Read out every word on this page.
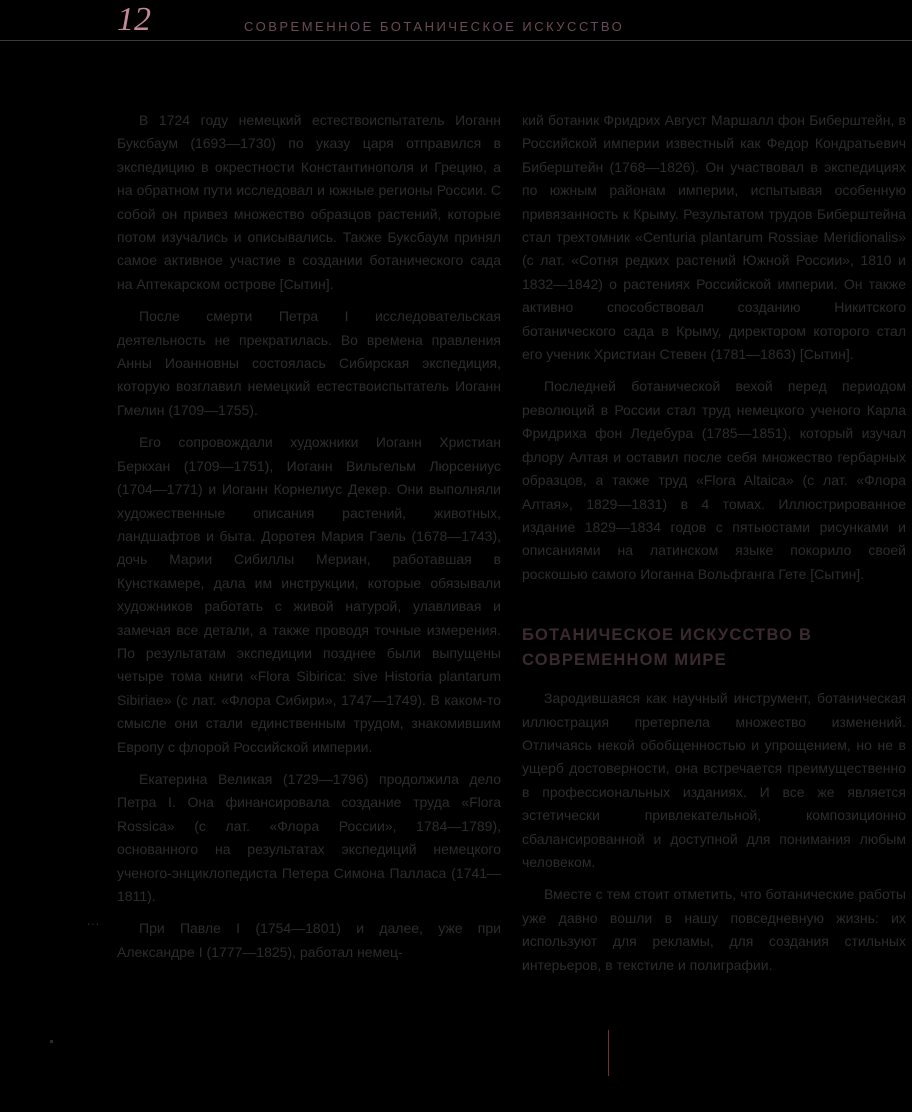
12	СОВРЕМЕННОЕ БОТАНИЧЕСКОЕ ИСКУССТВО

В 1724 году немецкий естествоиспытатель Иоганн Буксбаум (1693—1730) по указу царя отправился в экспедицию в окрестности Константинополя и Грецию, а на обратном пути исследовал и южные регионы России. С собой он привез множество образцов растений, которые потом изучались и описывались. Также Буксбаум принял самое активное участие в создании ботанического сада на Аптекарском острове [Сытин].

После смерти Петра I исследовательская деятельность не прекратилась. Во времена правления Анны Иоанновны состоялась Сибирская экспедиция, которую возглавил немецкий естествоиспытатель Иоганн Гмелин (1709—1755).

Его сопровождали художники Иоганн Христиан Беркхан (1709—1751), Иоганн Вильгельм Люрсениус (1704—1771) и Иоганн Корнелиус Декер. Они выполняли художественные описания растений, животных, ландшафтов и быта. Доротея Мария Гзель (1678—1743), дочь Марии Сибиллы Мериан, работавшая в Кунсткамере, дала им инструкции, которые обязывали художников работать с живой натурой, улавливая и замечая все детали, а также проводя точные измерения. По результатам экспедиции позднее были выпущены четыре тома книги «Flora Sibirica: sive Historia plantarum Sibiriae» (с лат. «Флора Сибири», 1747—1749). В каком-то смысле они стали единственным трудом, знакомившим Европу с флорой Российской империи.

Екатерина Великая (1729—1796) продолжила дело Петра I. Она финансировала создание труда «Flora Rossica» (с лат. «Флора России», 1784—1789), основанного на результатах экспедиций немецкого ученого-энциклопедиста Петера Симона Палласа (1741—1811).

При Павле I (1754—1801) и далее, уже при Александре I (1777—1825), работал немец-

кий ботаник Фридрих Август Маршалл фон Биберштейн, в Российской империи известный как Федор Кондратьевич Биберштейн (1768—1826). Он участвовал в экспедициях по южным районам империи, испытывая особенную привязанность к Крыму. Результатом трудов Биберштейна стал трехтомник «Centuria plantarum Rossiae Meridionalis» (с лат. «Сотня редких растений Южной России», 1810 и 1832—1842) о растениях Российской империи. Он также активно способствовал созданию Никитского ботанического сада в Крыму, директором которого стал его ученик Христиан Стевен (1781—1863) [Сытин].

Последней ботанической вехой перед периодом революций в России стал труд немецкого ученого Карла Фридриха фон Ледебура (1785—1851), который изучал флору Алтая и оставил после себя множество гербарных образцов, а также труд «Flora Altaica» (с лат. «Флора Алтая», 1829—1831) в 4 томах. Иллюстрированное издание 1829—1834 годов с пятьюстами рисунками и описаниями на латинском языке покорило своей роскошью самого Иоганна Вольфганга Гете [Сытин].

БОТАНИЧЕСКОЕ ИСКУССТВО В СОВРЕМЕННОМ МИРЕ

Зародившаяся как научный инструмент, ботаническая иллюстрация претерпела множество изменений. Отличаясь некой обобщенностью и упрощением, но не в ущерб достоверности, она встречается преимущественно в профессиональных изданиях. И все же является эстетически привлекательной, композиционно сбалансированной и доступной для понимания любым человеком.

Вместе с тем стоит отметить, что ботанические работы уже давно вошли в нашу повседневную жизнь: их используют для рекламы, для создания стильных интерьеров, в текстиле и полиграфии.

…
